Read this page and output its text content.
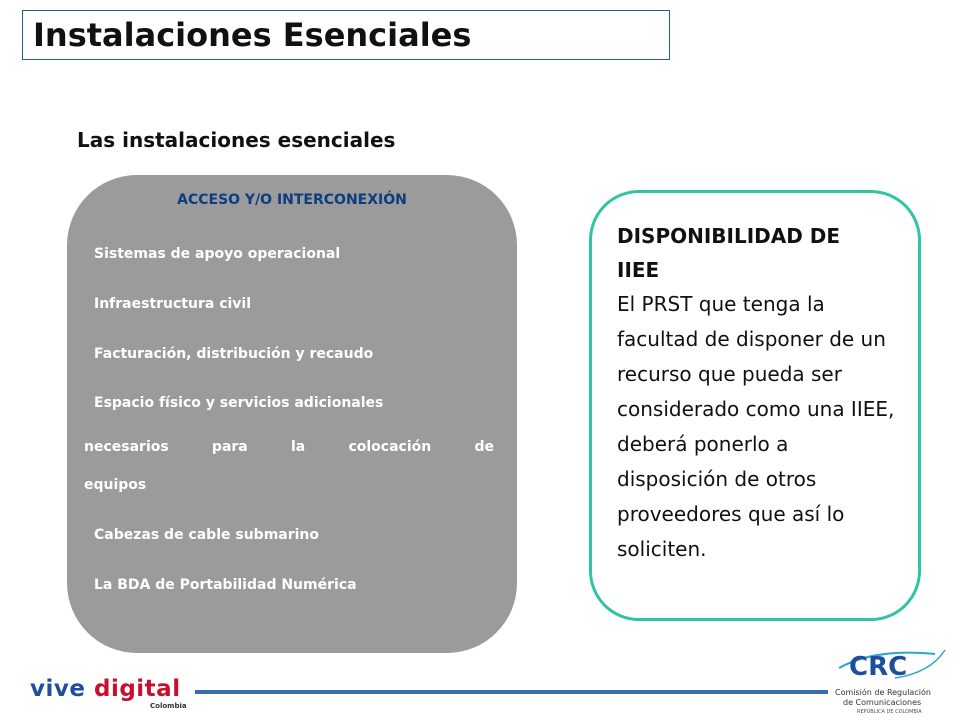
Instalaciones Esenciales
Las instalaciones esenciales
ACCESO Y/O INTERCONEXIÓN
Sistemas de apoyo operacional
Infraestructura civil
Facturación, distribución y recaudo
Espacio físico y servicios adicionales
necesarios para la colocación de
equipos
Cabezas de cable submarino
La BDA de Portabilidad Numérica
DISPONIBILIDAD DE IIEE
El PRST que tenga la facultad de disponer de un recurso que pueda ser considerado como una IIEE, deberá ponerlo a disposición de otros proveedores que así lo soliciten.
vive digital
Colombia
CRC
Comisión de Regulación
de Comunicaciones
REPÚBLICA DE COLOMBIA
